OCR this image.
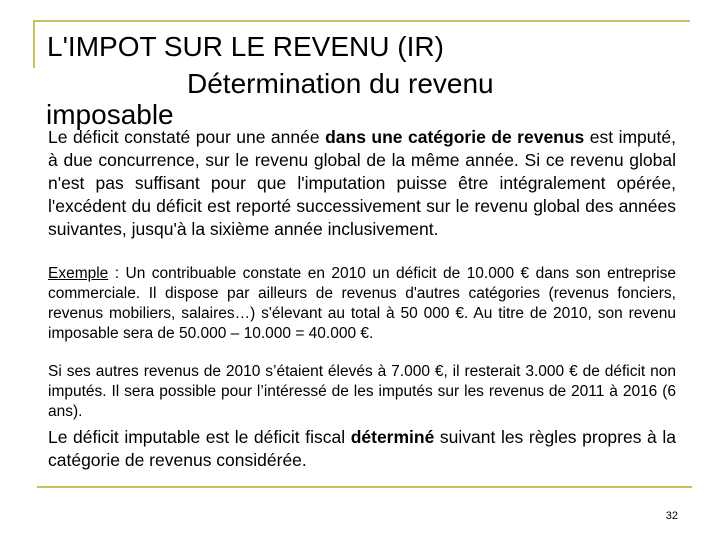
L'IMPOT SUR LE REVENU (IR)
Détermination du revenu
imposable
Le déficit constaté pour une année dans une catégorie de revenus est imputé, à due concurrence, sur le revenu global de la même année. Si ce revenu global n'est pas suffisant pour que l'imputation puisse être intégralement opérée, l'excédent du déficit est reporté successivement sur le revenu global des années suivantes, jusqu'à la sixième année inclusivement.
Exemple : Un contribuable constate en 2010 un déficit de 10.000 € dans son entreprise commerciale. Il dispose par ailleurs de revenus d'autres catégories (revenus fonciers, revenus mobiliers, salaires…) s'élevant au total à 50 000 €. Au titre de 2010, son revenu imposable sera de 50.000 – 10.000 = 40.000 €.
Si ses autres revenus de 2010 s’étaient élevés à 7.000 €, il resterait 3.000 € de déficit non imputés. Il sera possible pour l’intéressé de les imputés sur les revenus de 2011 à 2016 (6 ans).
Le déficit imputable est le déficit fiscal déterminé suivant les règles propres à la catégorie de revenus considérée.
32
